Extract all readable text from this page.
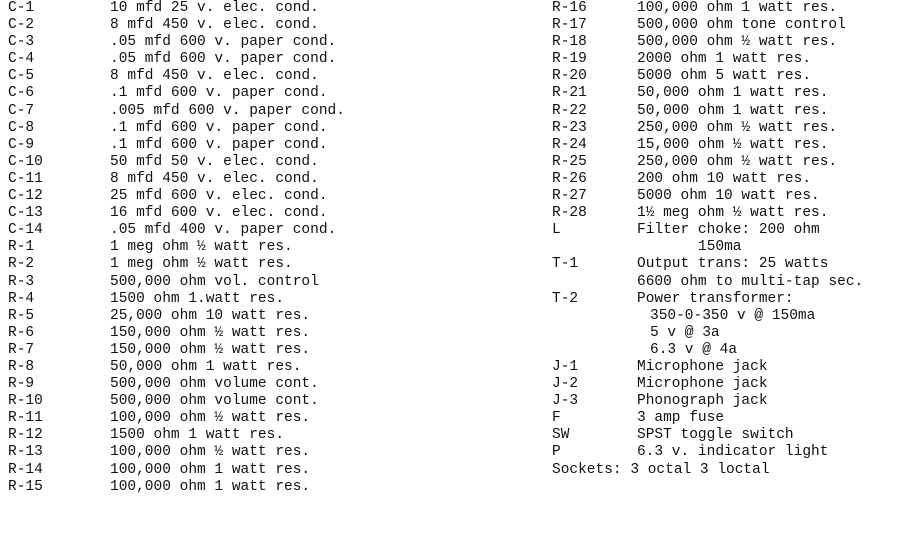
C-1	10 mfd 25 v. elec. cond.
C-2	8 mfd 450 v. elec. cond.
C-3	.05 mfd 600 v. paper cond.
C-4	.05 mfd 600 v. paper cond.
C-5	8 mfd 450 v. elec. cond.
C-6	.1 mfd 600 v. paper cond.
C-7	.005 mfd 600 v. paper cond.
C-8	.1 mfd 600 v. paper cond.
C-9	.1 mfd 600 v. paper cond.
C-10	50 mfd 50 v. elec. cond.
C-11	8 mfd 450 v. elec. cond.
C-12	25 mfd 600 v. elec. cond.
C-13	16 mfd 600 v. elec. cond.
C-14	.05 mfd 400 v. paper cond.
R-1	1 meg ohm ½ watt res.
R-2	1 meg ohm ½ watt res.
R-3	500,000 ohm vol. control
R-4	1500 ohm 1.watt res.
R-5	25,000 ohm 10 watt res.
R-6	150,000 ohm ½ watt res.
R-7	150,000 ohm ½ watt res.
R-8	50,000 ohm 1 watt res.
R-9	500,000 ohm volume cont.
R-10	500,000 ohm volume cont.
R-11	100,000 ohm ½ watt res.
R-12	1500 ohm 1 watt res.
R-13	100,000 ohm ½ watt res.
R-14	100,000 ohm 1 watt res.
R-15	100,000 ohm 1 watt res.
R-16	100,000 ohm 1 watt res.
R-17	500,000 ohm tone control
R-18	500,000 ohm ½ watt res.
R-19	2000 ohm 1 watt res.
R-20	5000 ohm 5 watt res.
R-21	50,000 ohm 1 watt res.
R-22	50,000 ohm 1 watt res.
R-23	250,000 ohm ½ watt res.
R-24	15,000 ohm ½ watt res.
R-25	250,000 ohm ½ watt res.
R-26	200 ohm 10 watt res.
R-27	5000 ohm 10 watt res.
R-28	1½ meg ohm ½ watt res.
L	Filter choke: 200 ohm
150ma
T-1	Output trans: 25 watts
6600 ohm to multi-tap sec.
T-2	Power transformer:
350-0-350 v @ 150ma
5 v @ 3a
6.3 v @ 4a
J-1	Microphone jack
J-2	Microphone jack
J-3	Phonograph jack
F	3 amp fuse
SW	SPST toggle switch
P	6.3 v. indicator light
Sockets: 3 octal 3 loctal
